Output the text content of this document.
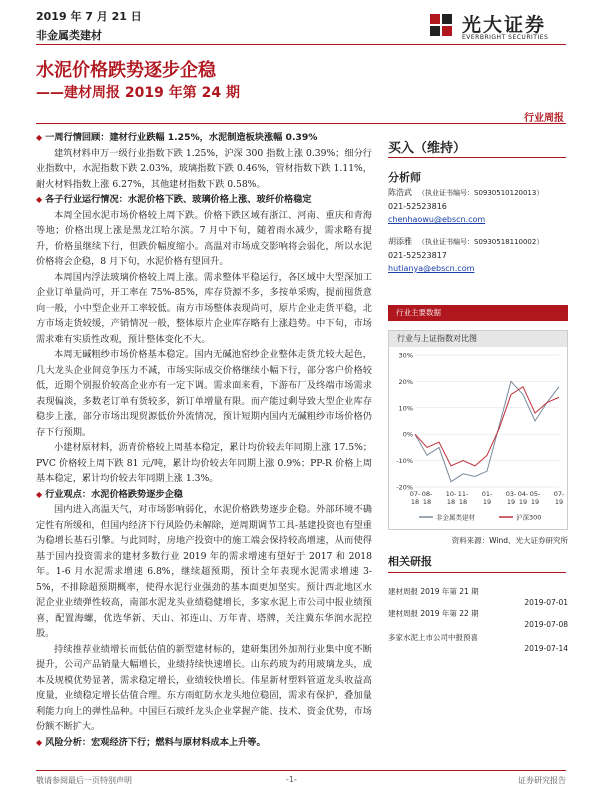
2019 年 7 月 21 日
非金属类建材	光大证券
EVERBRIGHT SECURITIES
水泥价格跌势逐步企稳
——建材周报 2019 年第 24 期
行业周报

◆ 一周行情回顾：建材行业跌幅 1.25%，水泥制造板块涨幅 0.39%

建筑材料申万一级行业指数下跌 1.25%，沪深 300 指数上涨 0.39%；细分行业指数中，水泥指数下跌 2.03%，玻璃指数下跌 0.46%，管材指数下跌 1.11%，耐火材料指数上涨 6.27%，其他建材指数下跌 0.58%。

◆ 各子行业运行情况：水泥价格下跌、玻璃价格上涨、玻纤价格稳定

本周全国水泥市场价格较上周下跌。价格下跌区域有浙江、河南、重庆和青海等地；价格出现上涨是黑龙江哈尔滨。7 月中下旬，随着雨水减少，需求略有提升，价格虽继续下行，但跌价幅度缩小。高温对市场成交影响将会弱化，所以水泥价格将会企稳，8 月下旬，水泥价格有望回升。

本周国内浮法玻璃价格较上周上涨。需求整体平稳运行，各区域中大型深加工企业订单量尚可，开工率在 75%-85%，库存贷源不多，多按单采购，提前囤货意向一般，小中型企业开工率较低。南方市场整体表现尚可，原片企业走货平稳，北方市场走货较缓，产销情况一般，整体原片企业库存略有上涨趋势。中下旬，市场需求难有实质性改观，预计整体变化不大。

本周无碱粗纱市场价格基本稳定。国内无碱池窑纱企业整体走货尤较大起色，几大龙头企业间竞争压力不减，市场实际成交价格继续小幅下行，部分客户价格较低，近期个别报价较高企业亦有一定下调。需求面来看，下游布厂及终端市场需求表现偏淡，多数老订单有货较多，新订单增量有限。而产能过剩导致大型企业库存稳步上涨，部分市场出现贸源低价外流情况，预计短期内国内无碱粗纱市场价格仍存下行预期。

小建材原材料，沥青价格较上周基本稳定，累计均价较去年同期上涨 17.5%；PVC 价格较上周下跌 81 元/吨，累计均价较去年同期上涨 0.9%；PP-R 价格上周基本稳定，累计均价较去年同期上涨 1.3%。

◆ 行业观点：水泥价格跌势逐步企稳

国内进入高温天气，对市场影响弱化，水泥价格跌势逐步企稳。外部环境不确定性有所缓和，但国内经济下行风险仍未解除，逆周期调节工具-基建投资也有望重为稳增长基石引擎。与此同时，房地产投资中的施工端会保持较高增速，从而使得基于国内投资需求的建材多数行业 2019 年的需求增速有望好于 2017 和 2018 年。1-6 月水泥需求增速 6.8%，继续超预期，预计全年表现水泥需求增速 3-5%，不排除超预期概率，使得水泥行业强劲的基本面更加坚实。预计西北地区水泥企业业绩弹性较高，南部水泥龙头业绩稳健增长，多家水泥上市公司中报业绩预喜，配置海螺，优选华新、天山、祁连山、万年青、塔牌，关注冀东华润水泥控股。

持续推荐业绩增长而低估值的新型建材标的，建研集团外加剂行业集中度不断提升，公司产品销量大幅增长，业绩持续快速增长。山东药玻为药用玻璃龙头，成本及规模优势显著，需求稳定增长，业绩较快增长。伟星新材塑料管道龙头收益高度量，业绩稳定增长估值合理。东方雨虹防水龙头地位稳固，需求有保护，叠加量利能力向上的弹性品种。中国巨石玻纤龙头企业掌握产能、技术、资金优势，市场份额不断扩大。

◆ 风险分析：宏观经济下行；燃料与原材料成本上升等。

买入（维持）
分析师
陈浩武 （执业证书编号：S0930510120013）
021-52523816
chenhaowu@ebscn.com
胡添雅 （执业证书编号：S0930518110002）
021-52523817
hutianya@ebscn.com
行业主要数据
行业与上证指数对比图
30%
20%
10%
0%
-10%
-20%
07-
18
08-
18
10-
18
11-
18
01-
19
03-
19
04-
19
05-
19
07-
19
非金属类建材	沪深300
资料来源：Wind、光大证券研究所
相关研报
建材周报 2019 年第 21 期
2019-07-01
建材周报 2019 年第 22 期
2019-07-08
多家水泥上市公司中报预喜
2019-07-14
敬请参阅最后一页特别声明	-1-	证券研究报告
